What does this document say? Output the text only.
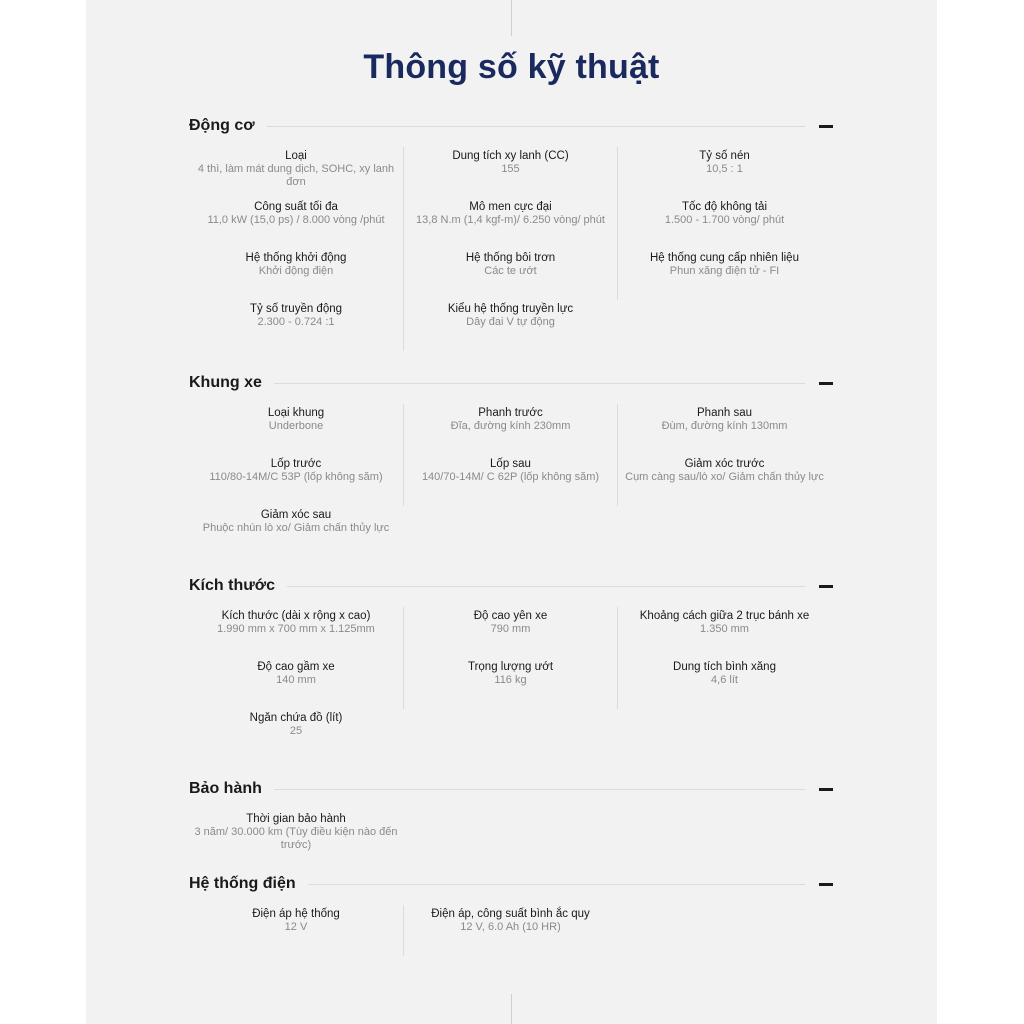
Thông số kỹ thuật
Động cơ
Loại
4 thì, làm mát dung dịch, SOHC, xy lanh đơn
Dung tích xy lanh (CC)
155
Tỷ số nén
10,5 : 1
Công suất tối đa
11,0 kW (15,0 ps) / 8.000 vòng /phút
Mô men cực đại
13,8 N.m (1,4 kgf-m)/ 6.250 vòng/ phút
Tốc độ không tải
1.500 - 1.700 vòng/ phút
Hệ thống khởi động
Khởi động điện
Hệ thống bôi trơn
Các te ướt
Hệ thống cung cấp nhiên liệu
Phun xăng điện tử - FI
Tỷ số truyền động
2.300 - 0.724 :1
Kiểu hệ thống truyền lực
Dây đai V tự động
Khung xe
Loại khung
Underbone
Phanh trước
Đĩa, đường kính 230mm
Phanh sau
Đùm, đường kính 130mm
Lốp trước
110/80-14M/C 53P (lốp không săm)
Lốp sau
140/70-14M/ C 62P (lốp không săm)
Giảm xóc trước
Cụm càng sau/lò xo/ Giảm chấn thủy lực
Giảm xóc sau
Phuộc nhún lò xo/ Giảm chấn thủy lực
Kích thước
Kích thước (dài x rộng x cao)
1.990 mm x 700 mm x 1.125mm
Độ cao yên xe
790 mm
Khoảng cách giữa 2 trục bánh xe
1.350 mm
Độ cao gầm xe
140 mm
Trọng lượng ướt
116 kg
Dung tích bình xăng
4,6 lít
Ngăn chứa đồ (lít)
25
Bảo hành
Thời gian bảo hành
3 năm/ 30.000 km (Tùy điều kiện nào đến trước)
Hệ thống điện
Điện áp hệ thống
12 V
Điện áp, công suất bình ắc quy
12 V, 6.0 Ah (10 HR)
